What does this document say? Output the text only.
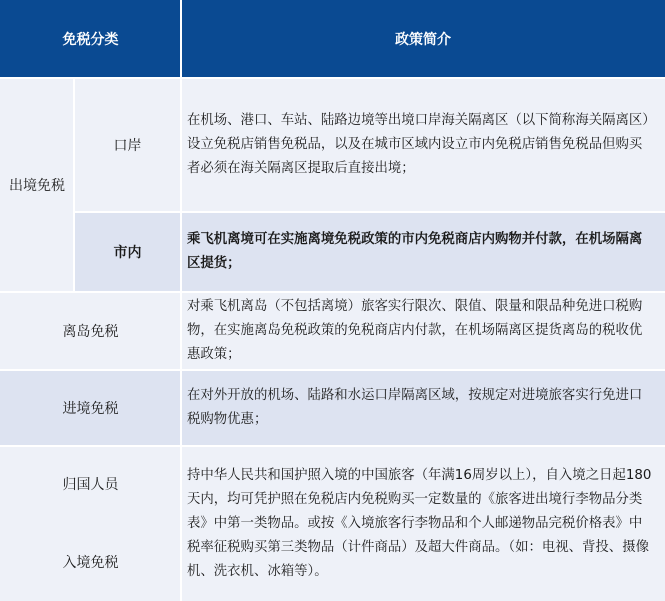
免税分类	政策简介
出境免税
口岸
在机场、港口、车站、陆路边境等出境口岸海关隔离区（以下简称海关隔离区）设立免税店销售免税品，以及在城市区域内设立市内免税店销售免税品但购买者必须在海关隔离区提取后直接出境；
市内
乘飞机离境可在实施离境免税政策的市内免税商店内购物并付款，在机场隔离区提货；
离岛免税
对乘飞机离岛（不包括离境）旅客实行限次、限值、限量和限品种免进口税购物，在实施离岛免税政策的免税商店内付款，在机场隔离区提货离岛的税收优惠政策；
进境免税
在对外开放的机场、陆路和水运口岸隔离区域，按规定对进境旅客实行免进口税购物优惠；
归国人员
入境免税
持中华人民共和国护照入境的中国旅客（年满16周岁以上），自入境之日起180天内，均可凭护照在免税店内免税购买一定数量的《旅客进出境行李物品分类表》中第一类物品。或按《入境旅客行李物品和个人邮递物品完税价格表》中税率征税购买第三类物品（计件商品）及超大件商品。（如：电视、背投、摄像机、洗衣机、冰箱等）。
